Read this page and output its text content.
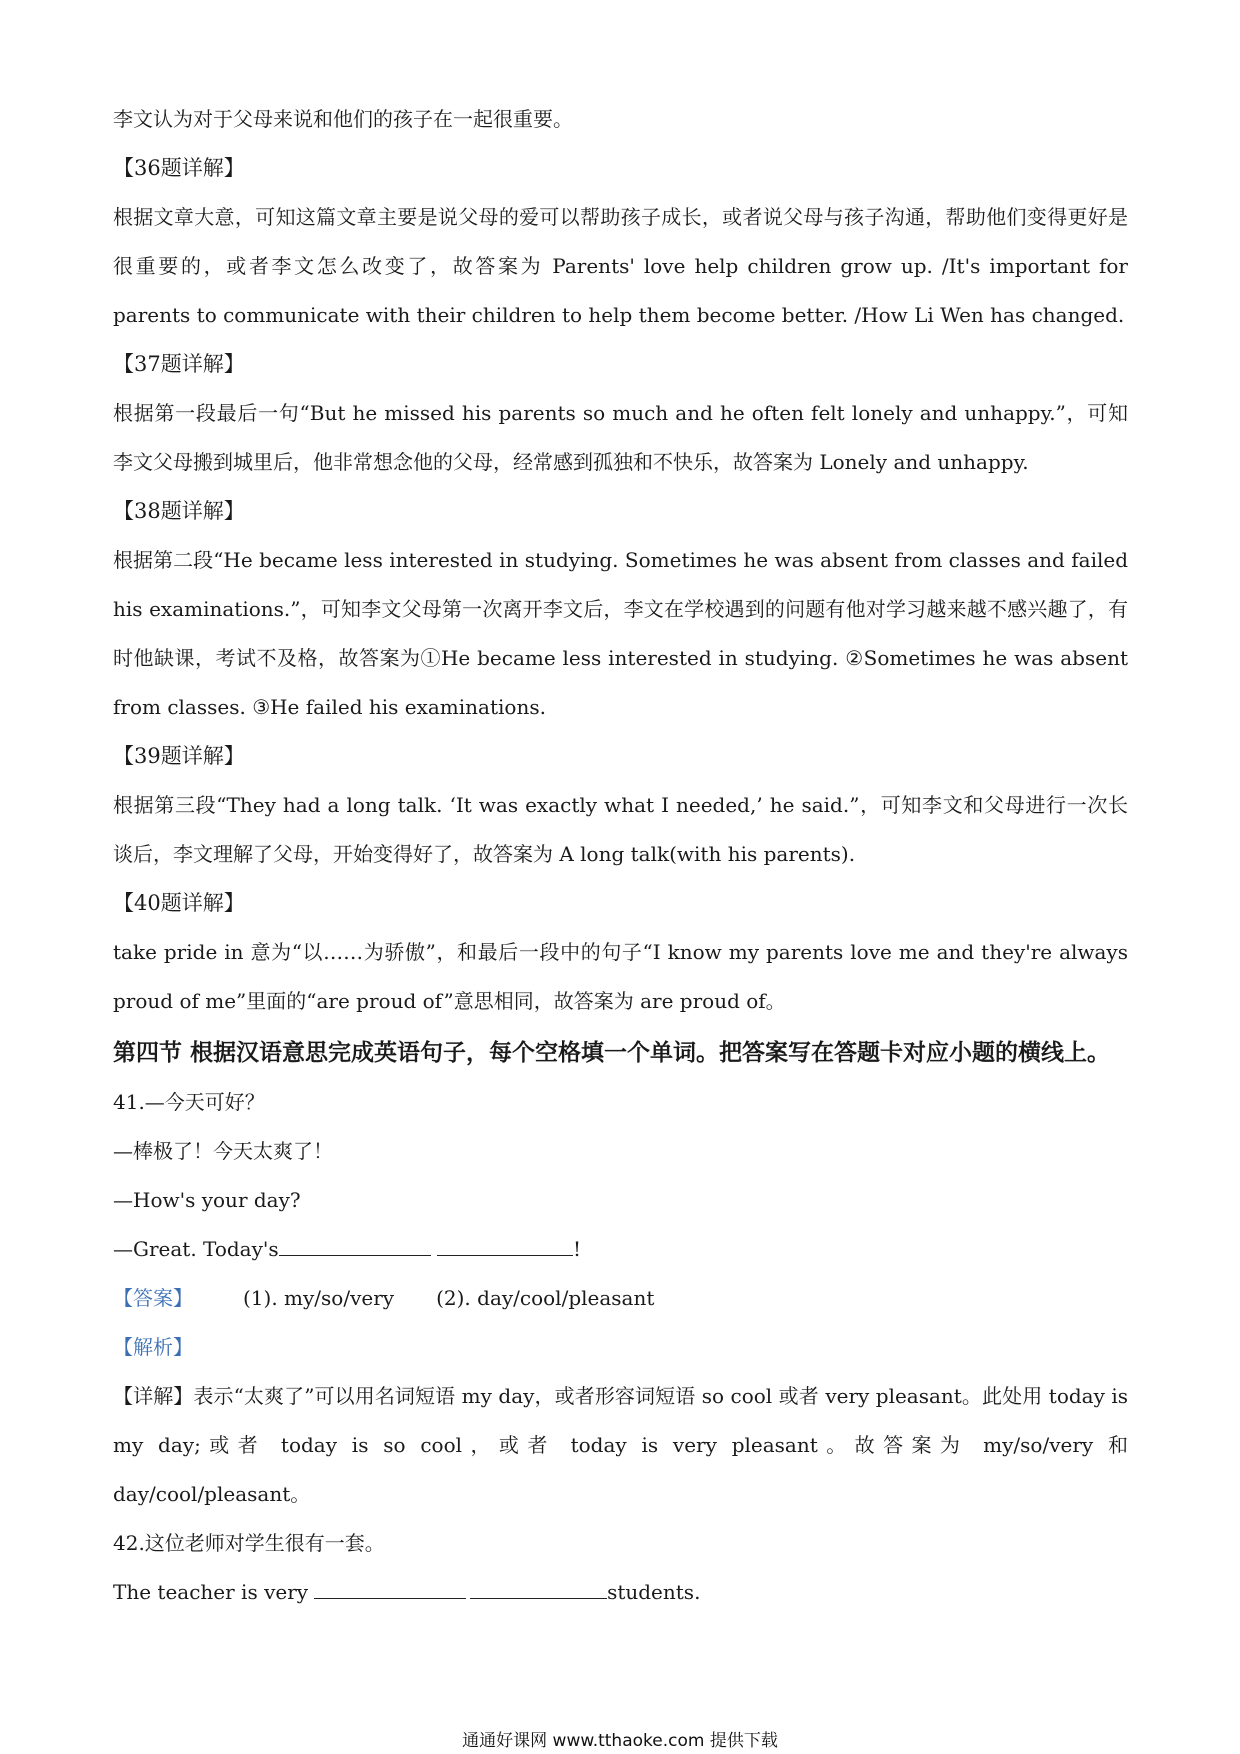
李文认为对于父母来说和他们的孩子在一起很重要。
【36题详解】
根据文章大意，可知这篇文章主要是说父母的爱可以帮助孩子成长，或者说父母与孩子沟通，帮助他们变得更好是很重要的，或者李文怎么改变了，故答案为 Parents' love help children grow up. /It's important for parents to communicate with their children to help them become better. /How Li Wen has changed.
【37题详解】
根据第一段最后一句“But he missed his parents so much and he often felt lonely and unhappy.”，可知李文父母搬到城里后，他非常想念他的父母，经常感到孤独和不快乐，故答案为 Lonely and unhappy.
【38题详解】
根据第二段“He became less interested in studying. Sometimes he was absent from classes and failed his examinations.”，可知李文父母第一次离开李文后，李文在学校遇到的问题有他对学习越来越不感兴趣了，有时他缺课，考试不及格，故答案为①He became less interested in studying. ②Sometimes he was absent from classes. ③He failed his examinations.
【39题详解】
根据第三段“They had a long talk. ‘It was exactly what I needed,’ he said.”，可知李文和父母进行一次长谈后，李文理解了父母，开始变得好了，故答案为 A long talk(with his parents).
【40题详解】
take pride in 意为“以……为骄傲”，和最后一段中的句子“I know my parents love me and they're always proud of me”里面的“are proud of”意思相同，故答案为 are proud of。
第四节 根据汉语意思完成英语句子，每个空格填一个单词。把答案写在答题卡对应小题的横线上。
41.—今天可好？
—棒极了！今天太爽了！
—How's your day?
—Great. Today's	!
【答案】	(1). my/so/very (2). day/cool/pleasant
【解析】
【详解】表示“太爽了”可以用名词短语 my day，或者形容词短语 so cool 或者 very pleasant。此处用 today is my day;或者 today is so cool，或者 today is very pleasant。故答案为 my/so/very 和 day/cool/pleasant。
42.这位老师对学生很有一套。
The teacher is very	students.
通通好课网 www.tthaoke.com 提供下载
